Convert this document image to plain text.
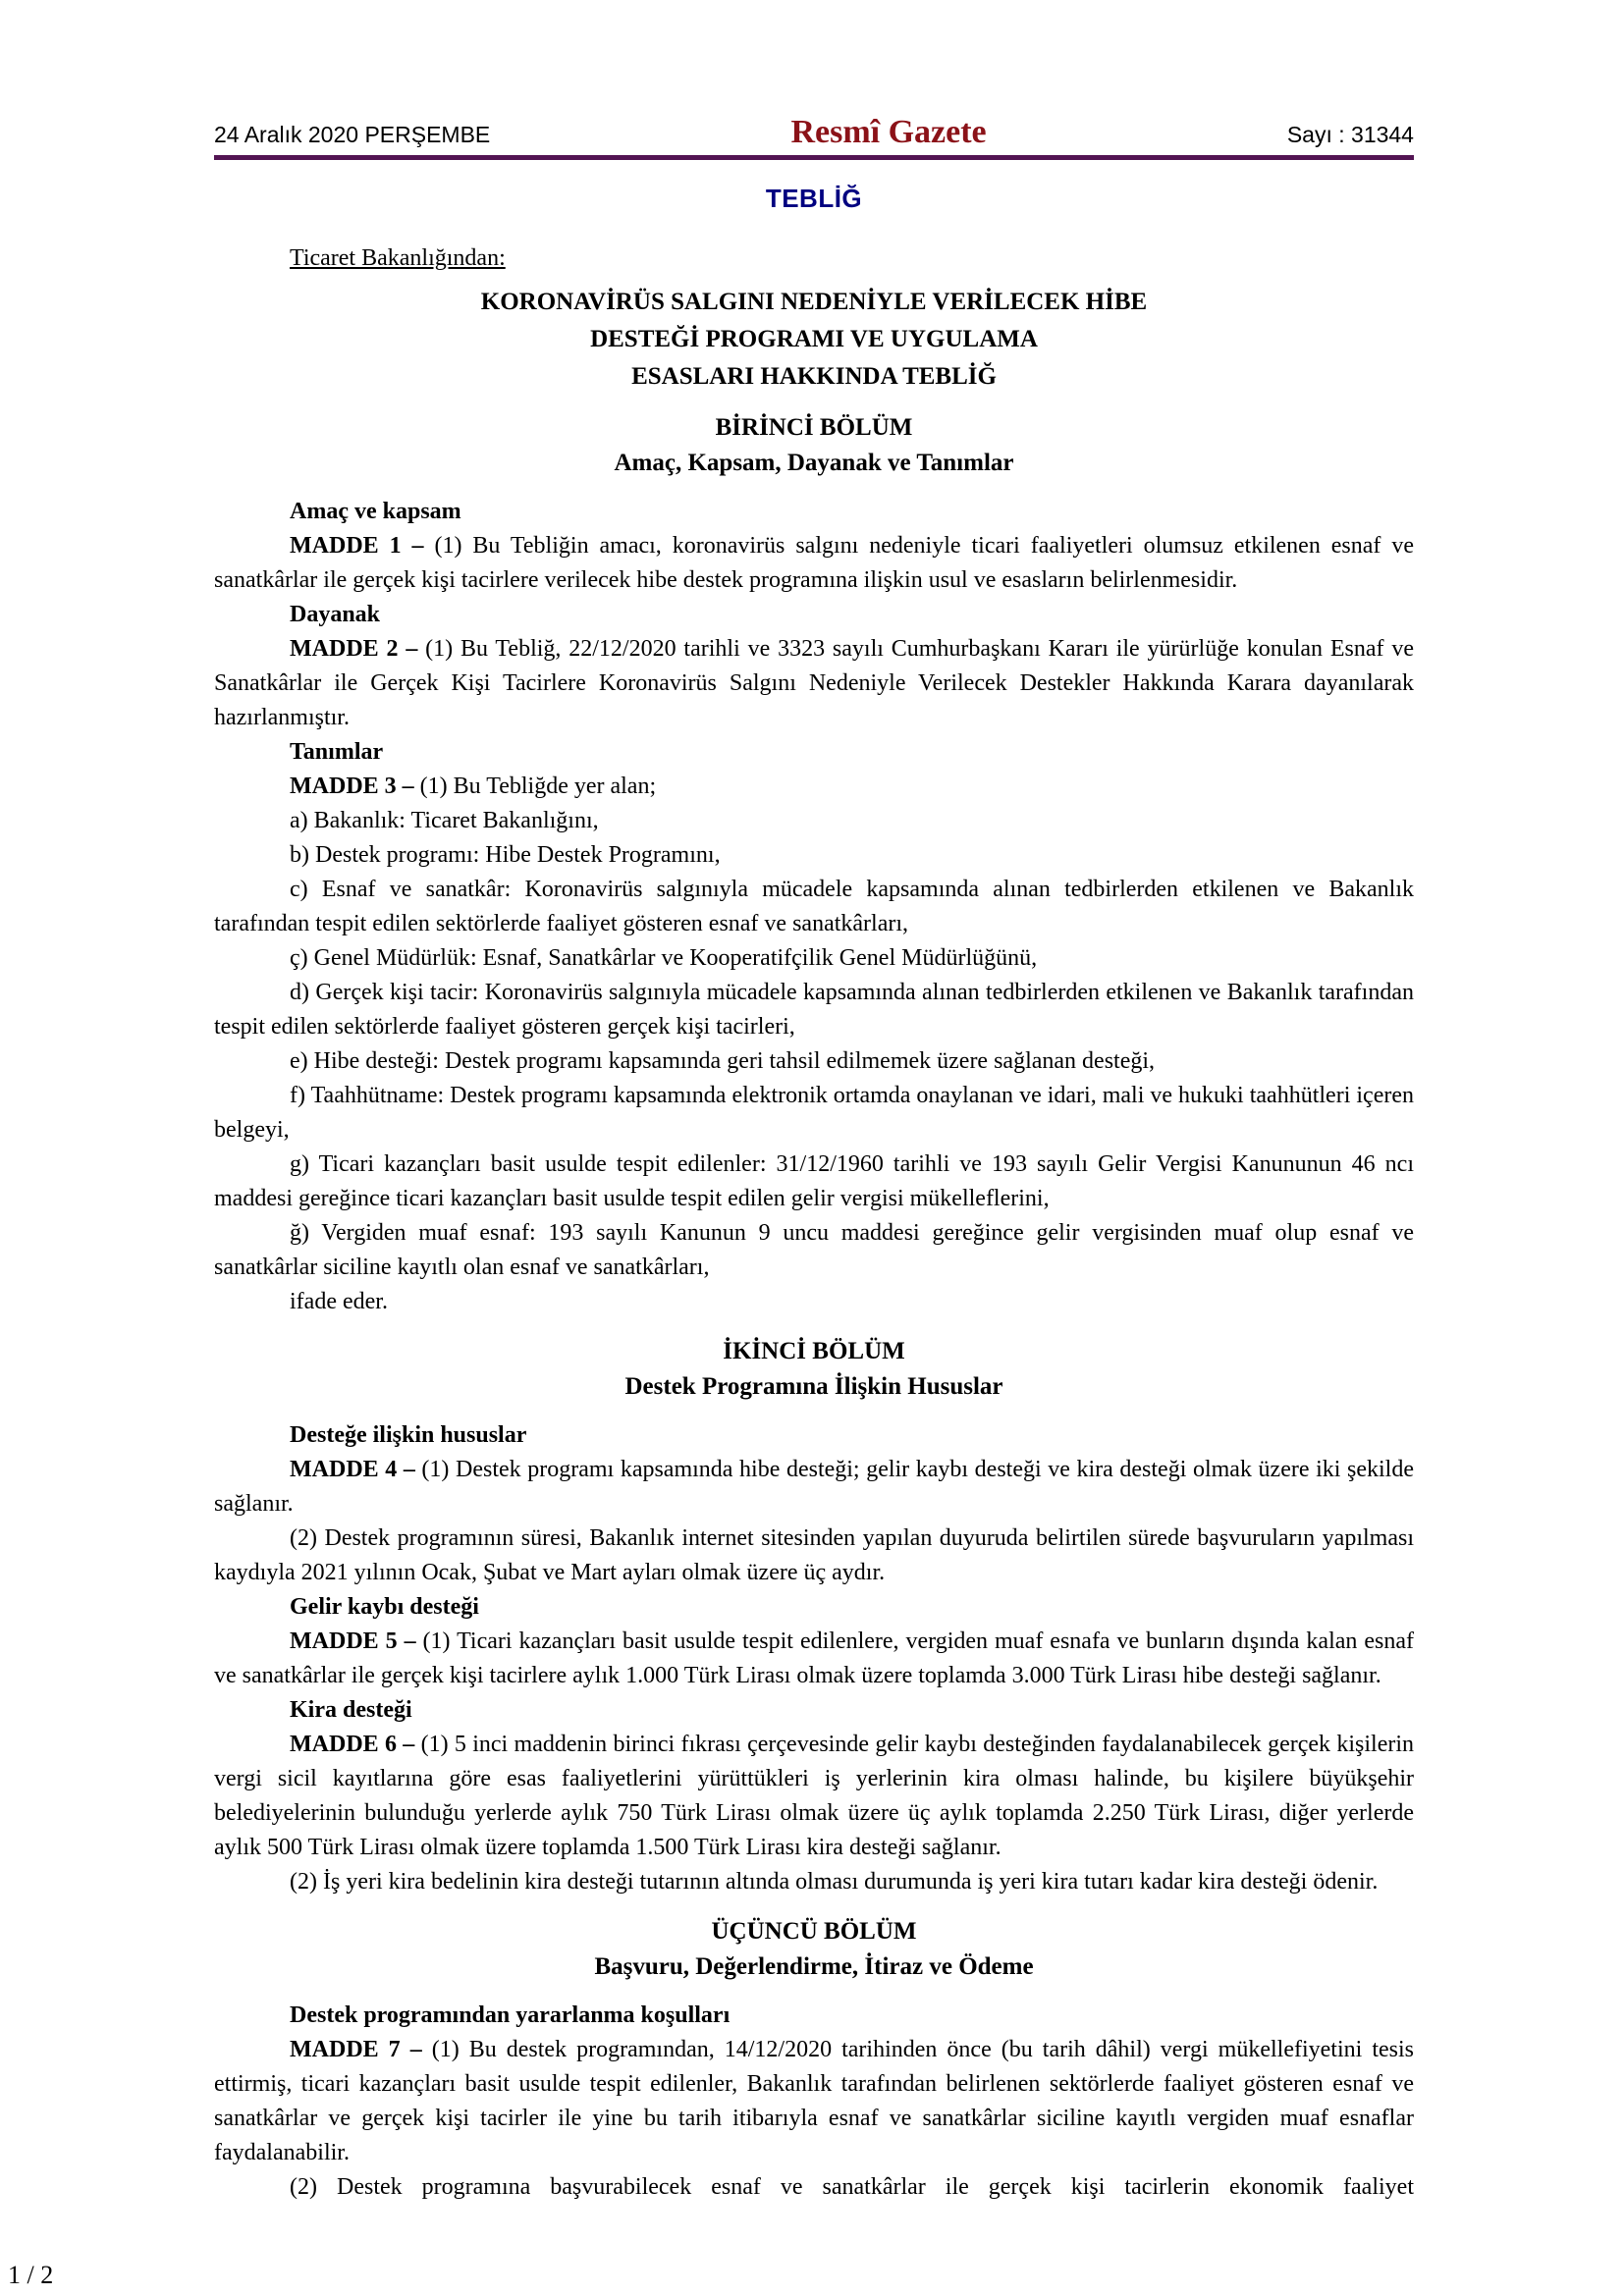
24 Aralık 2020 PERŞEMBE	Resmî Gazete	Sayı : 31344
TEBLİĞ
Ticaret Bakanlığından:
KORONAVİRÜS SALGINI NEDENİYLE VERİLECEK HİBE
DESTEĞİ PROGRAMI VE UYGULAMA
ESASLARI HAKKINDA TEBLİĞ
BİRİNCİ BÖLÜM
Amaç, Kapsam, Dayanak ve Tanımlar
Amaç ve kapsam
MADDE 1 – (1) Bu Tebliğin amacı, koronavirüs salgını nedeniyle ticari faaliyetleri olumsuz etkilenen esnaf ve sanatkârlar ile gerçek kişi tacirlere verilecek hibe destek programına ilişkin usul ve esasların belirlenmesidir.
Dayanak
MADDE 2 – (1) Bu Tebliğ, 22/12/2020 tarihli ve 3323 sayılı Cumhurbaşkanı Kararı ile yürürlüğe konulan Esnaf ve Sanatkârlar ile Gerçek Kişi Tacirlere Koronavirüs Salgını Nedeniyle Verilecek Destekler Hakkında Karara dayanılarak hazırlanmıştır.
Tanımlar
MADDE 3 – (1) Bu Tebliğde yer alan;
a) Bakanlık: Ticaret Bakanlığını,
b) Destek programı: Hibe Destek Programını,
c) Esnaf ve sanatkâr: Koronavirüs salgınıyla mücadele kapsamında alınan tedbirlerden etkilenen ve Bakanlık tarafından tespit edilen sektörlerde faaliyet gösteren esnaf ve sanatkârları,
ç) Genel Müdürlük: Esnaf, Sanatkârlar ve Kooperatifçilik Genel Müdürlüğünü,
d) Gerçek kişi tacir: Koronavirüs salgınıyla mücadele kapsamında alınan tedbirlerden etkilenen ve Bakanlık tarafından tespit edilen sektörlerde faaliyet gösteren gerçek kişi tacirleri,
e) Hibe desteği: Destek programı kapsamında geri tahsil edilmemek üzere sağlanan desteği,
f) Taahhütname: Destek programı kapsamında elektronik ortamda onaylanan ve idari, mali ve hukuki taahhütleri içeren belgeyi,
g) Ticari kazançları basit usulde tespit edilenler: 31/12/1960 tarihli ve 193 sayılı Gelir Vergisi Kanununun 46 ncı maddesi gereğince ticari kazançları basit usulde tespit edilen gelir vergisi mükelleflerini,
ğ) Vergiden muaf esnaf: 193 sayılı Kanunun 9 uncu maddesi gereğince gelir vergisinden muaf olup esnaf ve sanatkârlar siciline kayıtlı olan esnaf ve sanatkârları,
ifade eder.
İKİNCİ BÖLÜM
Destek Programına İlişkin Hususlar
Desteğe ilişkin hususlar
MADDE 4 – (1) Destek programı kapsamında hibe desteği; gelir kaybı desteği ve kira desteği olmak üzere iki şekilde sağlanır.
(2) Destek programının süresi, Bakanlık internet sitesinden yapılan duyuruda belirtilen sürede başvuruların yapılması kaydıyla 2021 yılının Ocak, Şubat ve Mart ayları olmak üzere üç aydır.
Gelir kaybı desteği
MADDE 5 – (1) Ticari kazançları basit usulde tespit edilenlere, vergiden muaf esnafa ve bunların dışında kalan esnaf ve sanatkârlar ile gerçek kişi tacirlere aylık 1.000 Türk Lirası olmak üzere toplamda 3.000 Türk Lirası hibe desteği sağlanır.
Kira desteği
MADDE 6 – (1) 5 inci maddenin birinci fıkrası çerçevesinde gelir kaybı desteğinden faydalanabilecek gerçek kişilerin vergi sicil kayıtlarına göre esas faaliyetlerini yürüttükleri iş yerlerinin kira olması halinde, bu kişilere büyükşehir belediyelerinin bulunduğu yerlerde aylık 750 Türk Lirası olmak üzere üç aylık toplamda 2.250 Türk Lirası, diğer yerlerde aylık 500 Türk Lirası olmak üzere toplamda 1.500 Türk Lirası kira desteği sağlanır.
(2) İş yeri kira bedelinin kira desteği tutarının altında olması durumunda iş yeri kira tutarı kadar kira desteği ödenir.
ÜÇÜNCÜ BÖLÜM
Başvuru, Değerlendirme, İtiraz ve Ödeme
Destek programından yararlanma koşulları
MADDE 7 – (1) Bu destek programından, 14/12/2020 tarihinden önce (bu tarih dâhil) vergi mükellefiyetini tesis ettirmiş, ticari kazançları basit usulde tespit edilenler, Bakanlık tarafından belirlenen sektörlerde faaliyet gösteren esnaf ve sanatkârlar ve gerçek kişi tacirler ile yine bu tarih itibarıyla esnaf ve sanatkârlar siciline kayıtlı vergiden muaf esnaflar faydalanabilir.
(2) Destek programına başvurabilecek esnaf ve sanatkârlar ile gerçek kişi tacirlerin ekonomik faaliyet
1 / 2
